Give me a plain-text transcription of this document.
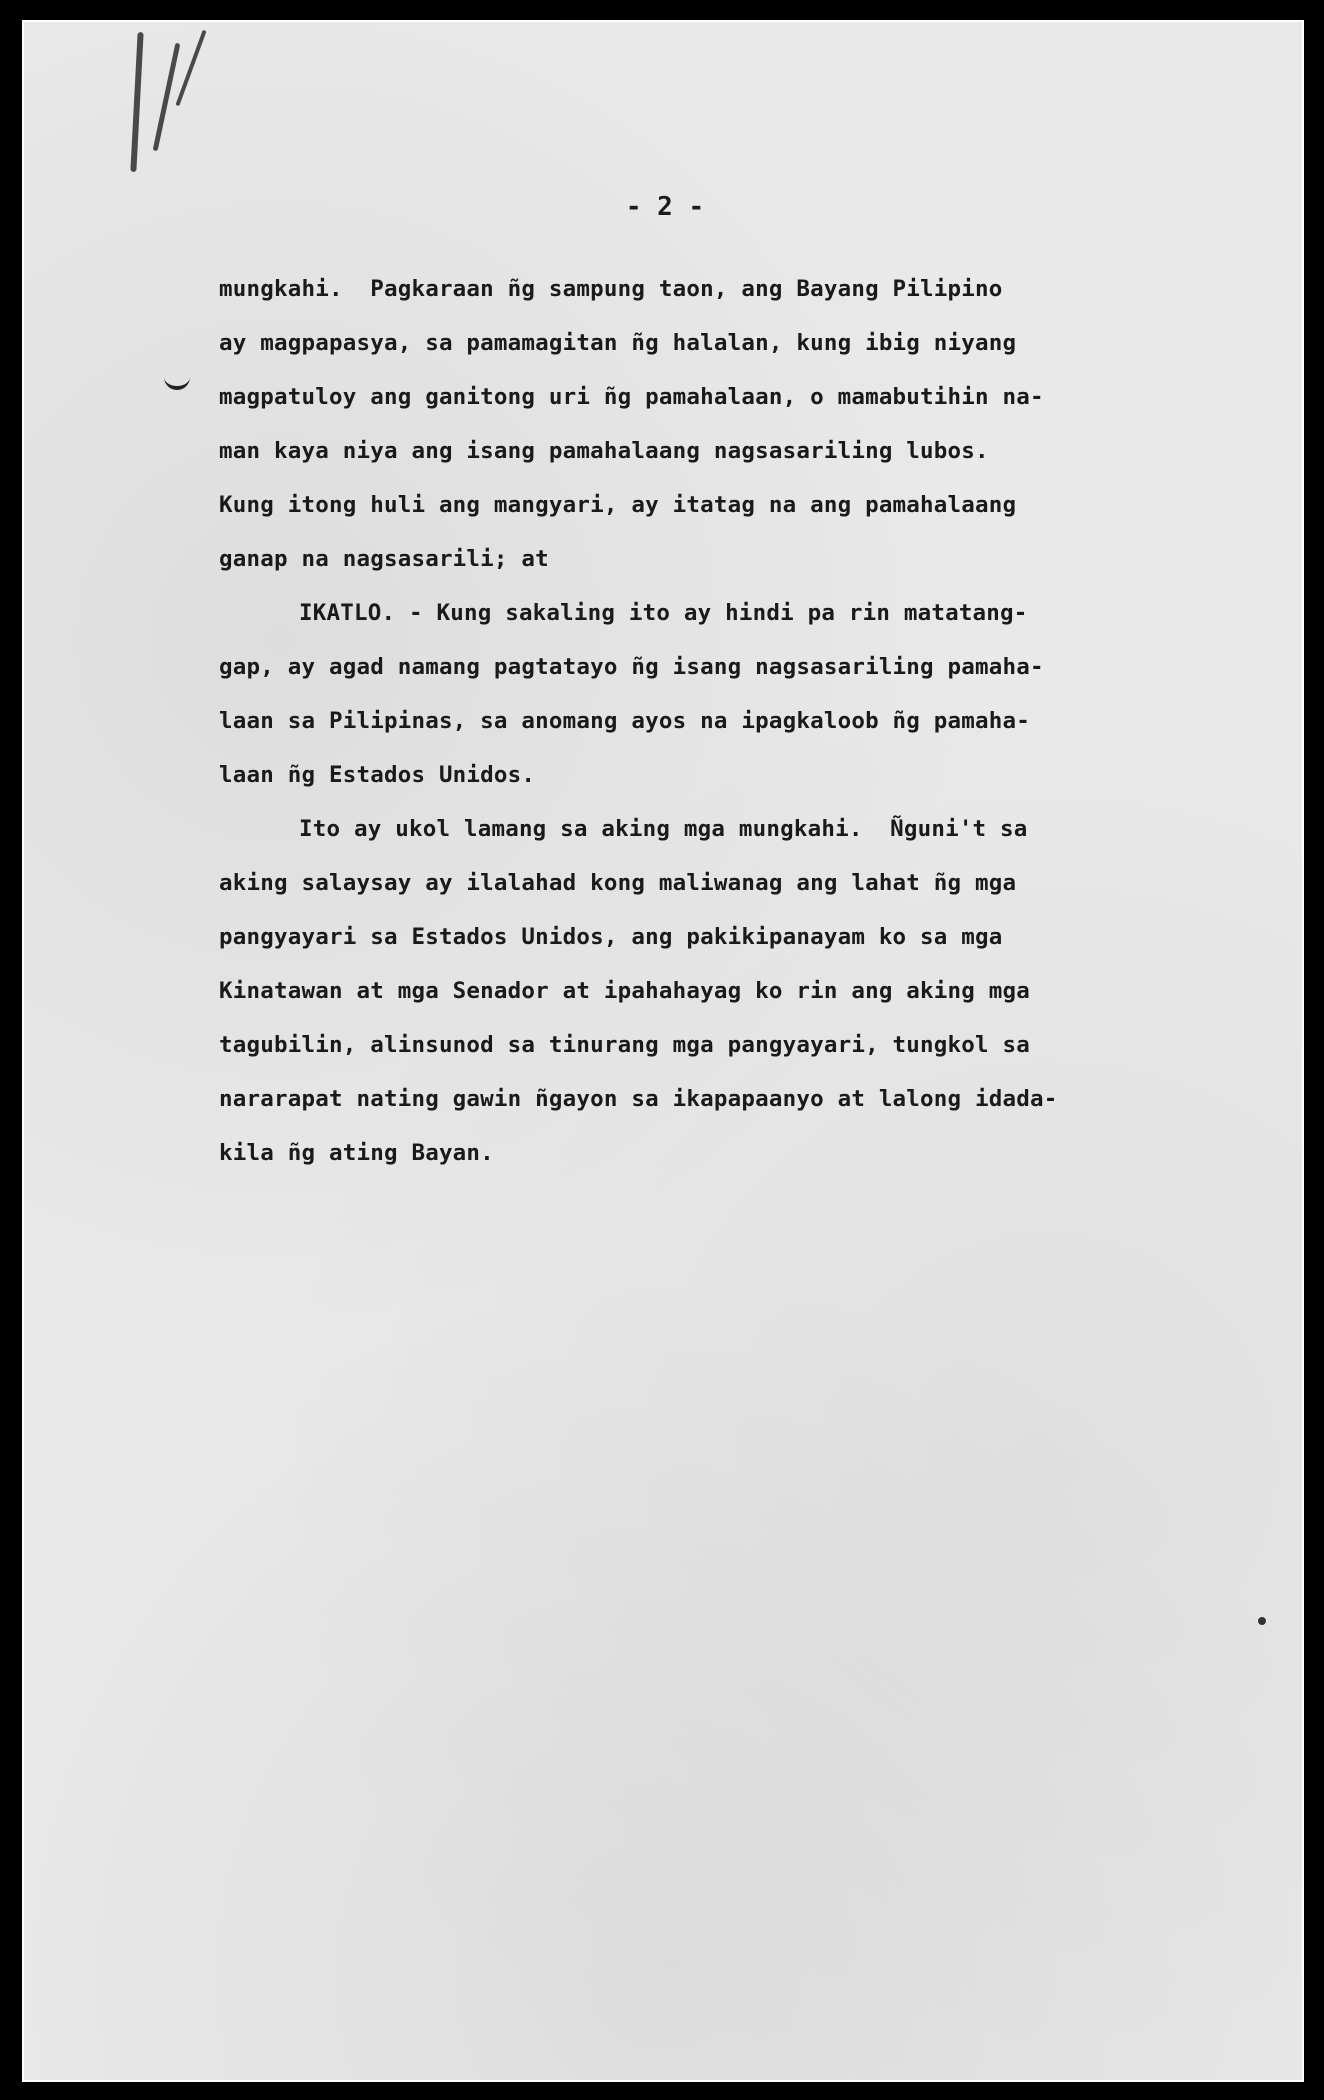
- 2 -
mungkahi.  Pagkaraan ñg sampung taon, ang Bayang Pilipino
ay magpapasya, sa pamamagitan ñg halalan, kung ibig niyang
magpatuloy ang ganitong uri ñg pamahalaan, o mamabutihin na-
man kaya niya ang isang pamahalaang nagsasariling lubos.
Kung itong huli ang mangyari, ay itatag na ang pamahalaang
ganap na nagsasarili; at
IKATLO. - Kung sakaling ito ay hindi pa rin matatang-
gap, ay agad namang pagtatayo ñg isang nagsasariling pamaha-
laan sa Pilipinas, sa anomang ayos na ipagkaloob ñg pamaha-
laan ñg Estados Unidos.
Ito ay ukol lamang sa aking mga mungkahi.  Ñguni't sa
aking salaysay ay ilalahad kong maliwanag ang lahat ñg mga
pangyayari sa Estados Unidos, ang pakikipanayam ko sa mga
Kinatawan at mga Senador at ipahahayag ko rin ang aking mga
tagubilin, alinsunod sa tinurang mga pangyayari, tungkol sa
nararapat nating gawin ñgayon sa ikapapaanyo at lalong idada-
kila ñg ating Bayan.
